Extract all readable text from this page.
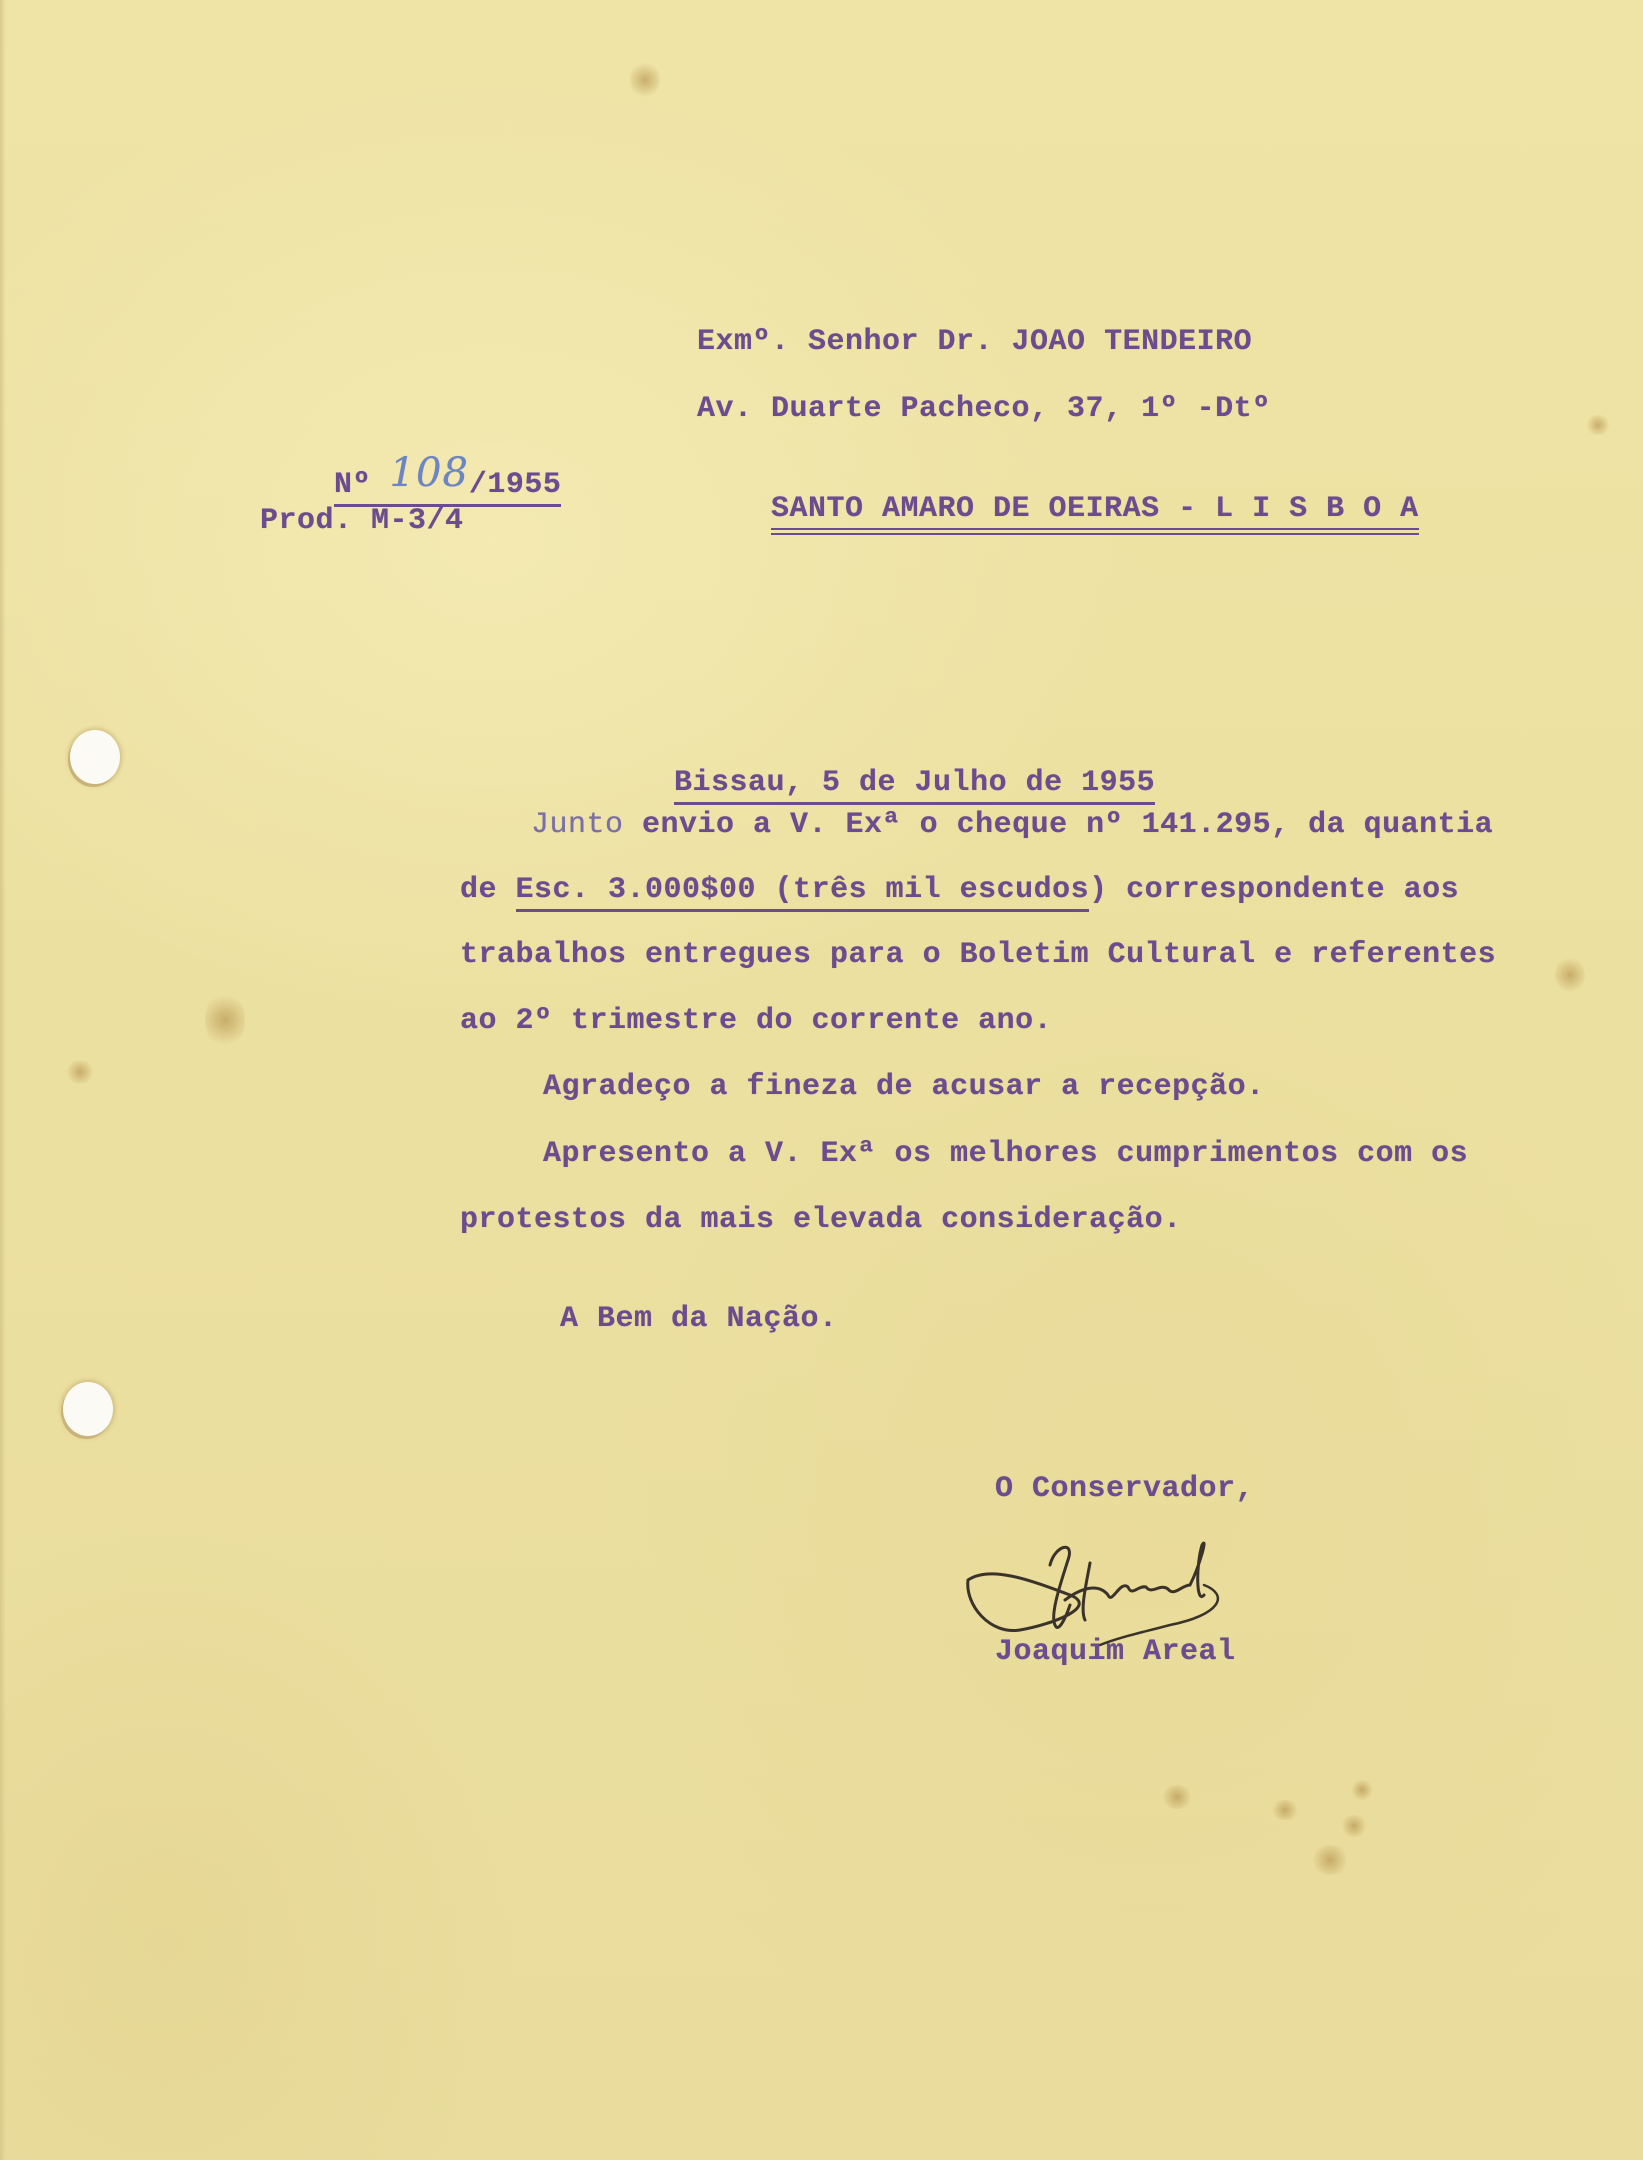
Nº 108/1955

Prod. M-3/4
Exmº. Senhor Dr. JOAO TENDEIRO
Av. Duarte Pacheco, 37, 1º -Dtº

SANTO AMARO DE OEIRAS - L I S B O A

Bissau, 5 de Julho de 1955

Junto envio a V. Exª o cheque nº 141.295, da quantia
de Esc. 3.000$00 (três mil escudos) correspondente aos
trabalhos entregues para o Boletim Cultural e referentes
ao 2º trimestre do corrente ano.
Agradeço a fineza de acusar a recepção.
Apresento a V. Exª os melhores cumprimentos com os
protestos da mais elevada consideração.
A Bem da Nação.
O Conservador,
Joaquim Areal
